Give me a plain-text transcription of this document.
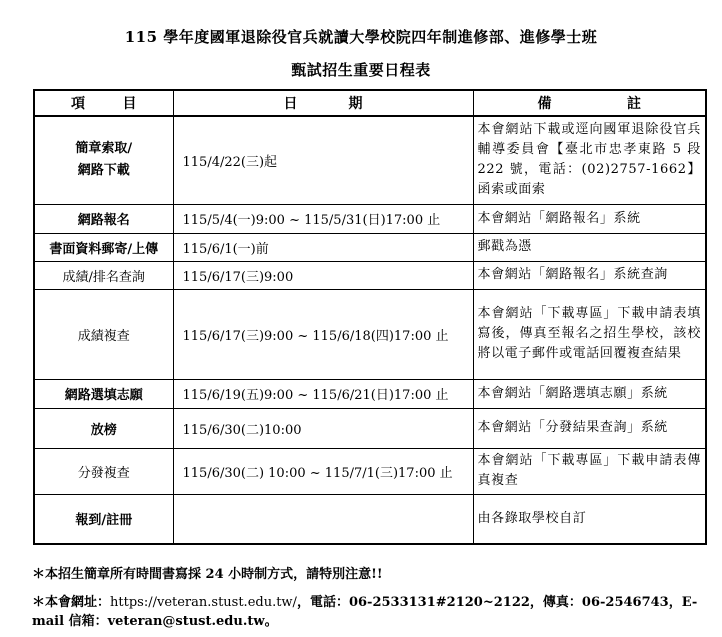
115 學年度國軍退除役官兵就讀大學校院四年制進修部、進修學士班
甄試招生重要日程表
項 目	日 期	備 註

簡章索取/
網路下載	115/4/22(三)起	本會網站下載或逕向國軍退除役官兵輔導委員會【臺北市忠孝東路 5 段 222 號，電話：(02)2757-1662】函索或面索
網路報名	115/5/4(一)9:00 ~ 115/5/31(日)17:00 止	本會網站「網路報名」系統
書面資料郵寄/上傳	115/6/1(一)前	郵戳為憑
成績/排名查詢	115/6/17(三)9:00	本會網站「網路報名」系統查詢
成績複查	115/6/17(三)9:00 ~ 115/6/18(四)17:00 止	本會網站「下載專區」下載申請表填寫後，傳真至報名之招生學校，該校將以電子郵件或電話回覆複查結果
網路選填志願	115/6/19(五)9:00 ~ 115/6/21(日)17:00 止	本會網站「網路選填志願」系統
放榜	115/6/30(二)10:00	本會網站「分發結果查詢」系統
分發複查	115/6/30(二) 10:00 ~ 115/7/1(三)17:00 止	本會網站「下載專區」下載申請表傳真複查
報到/註冊		由各錄取學校自訂
＊本招生簡章所有時間書寫採 24 小時制方式，請特別注意!!
＊本會網址：https://veteran.stust.edu.tw/，電話：06-2533131#2120~2122，傳真：06-2546743，E-mail 信箱：veteran@stust.edu.tw。
